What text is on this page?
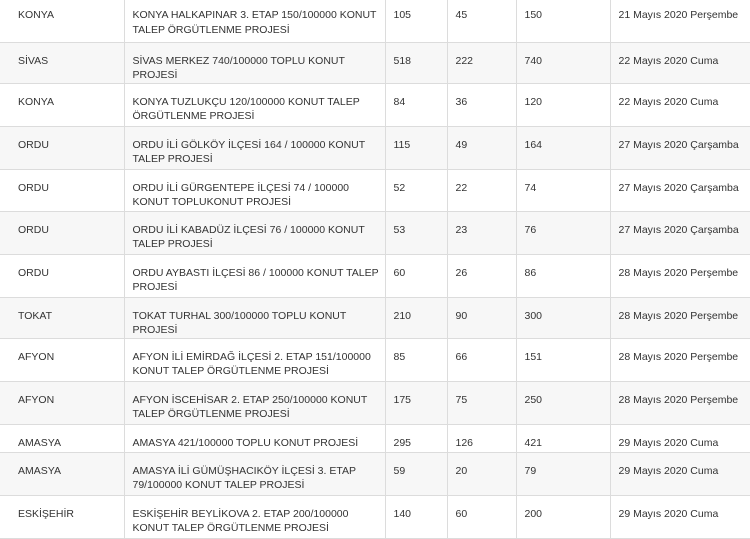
KONYA	KONYA HALKAPINAR 3. ETAP 150/100000 KONUT TALEP ÖRGÜTLENME PROJESİ	105	45	150	21 Mayıs 2020 Perşembe

SİVAS	SİVAS MERKEZ 740/100000 TOPLU KONUT PROJESİ	518	222	740	22 Mayıs 2020 Cuma

KONYA	KONYA TUZLUKÇU 120/100000 KONUT TALEP ÖRGÜTLENME PROJESİ	84	36	120	22 Mayıs 2020 Cuma

ORDU	ORDU İLİ GÖLKÖY İLÇESİ 164 / 100000 KONUT TALEP PROJESİ	115	49	164	27 Mayıs 2020 Çarşamba

ORDU	ORDU İLİ GÜRGENTEPE İLÇESİ 74 / 100000 KONUT TOPLUKONUT PROJESİ	52	22	74	27 Mayıs 2020 Çarşamba

ORDU	ORDU İLİ KABADÜZ İLÇESİ 76 / 100000 KONUT TALEP PROJESİ	53	23	76	27 Mayıs 2020 Çarşamba

ORDU	ORDU AYBASTI İLÇESİ 86 / 100000 KONUT TALEP PROJESİ	60	26	86	28 Mayıs 2020 Perşembe

TOKAT	TOKAT TURHAL 300/100000 TOPLU KONUT PROJESİ	210	90	300	28 Mayıs 2020 Perşembe

AFYON	AFYON İLİ EMİRDAĞ İLÇESİ 2. ETAP 151/100000 KONUT TALEP ÖRGÜTLENME PROJESİ	85	66	151	28 Mayıs 2020 Perşembe

AFYON	AFYON İSCEHİSAR 2. ETAP 250/100000 KONUT TALEP ÖRGÜTLENME PROJESİ	175	75	250	28 Mayıs 2020 Perşembe

AMASYA	AMASYA 421/100000 TOPLU KONUT PROJESİ	295	126	421	29 Mayıs 2020 Cuma

AMASYA	AMASYA İLİ GÜMÜŞHACIKÖY İLÇESİ 3. ETAP 79/100000 KONUT TALEP PROJESİ	59	20	79	29 Mayıs 2020 Cuma

ESKİŞEHİR	ESKİŞEHİR BEYLİKOVA 2. ETAP 200/100000 KONUT TALEP ÖRGÜTLENME PROJESİ	140	60	200	29 Mayıs 2020 Cuma
